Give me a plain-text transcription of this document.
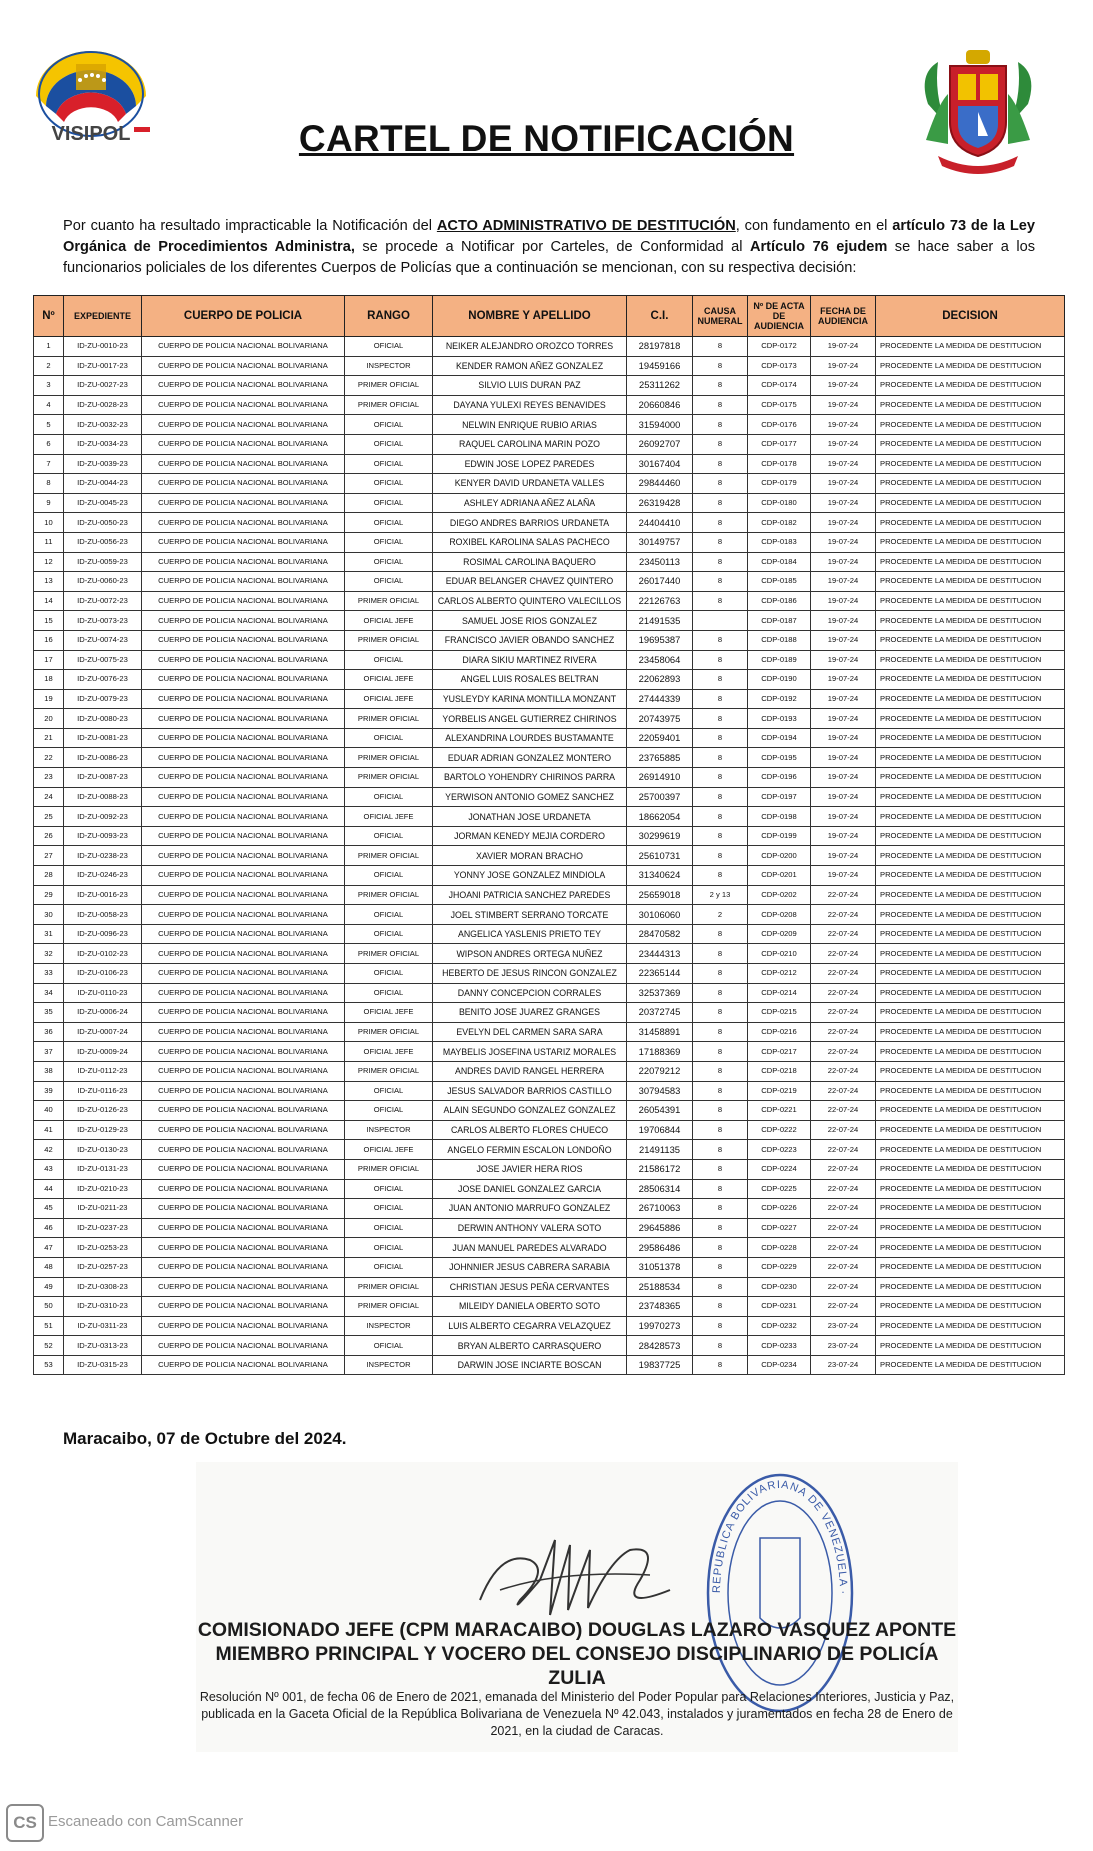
VISIPOL	CARTEL DE NOTIFICACIÓN
Por cuanto ha resultado impracticable la Notificación del ACTO ADMINISTRATIVO DE DESTITUCIÓN, con fundamento en el artículo 73 de la Ley Orgánica de Procedimientos Administra, se procede a Notificar por Carteles, de Conformidad al Artículo 76 ejudem se hace saber a los funcionarios policiales de los diferentes Cuerpos de Policías que a continuación se mencionan, con su respectiva decisión:
Nº	EXPEDIENTE	CUERPO DE POLICIA	RANGO	NOMBRE Y APELLIDO	C.I.	CAUSA NUMERAL	Nº DE ACTA DE AUDIENCIA	FECHA DE AUDIENCIA	DECISION
1	ID-ZU-0010-23	CUERPO DE POLICIA NACIONAL BOLIVARIANA	OFICIAL	NEIKER ALEJANDRO OROZCO TORRES	28197818	8	CDP-0172	19-07-24	PROCEDENTE LA MEDIDA DE DESTITUCION
2	ID-ZU-0017-23	CUERPO DE POLICIA NACIONAL BOLIVARIANA	INSPECTOR	KENDER RAMON AÑEZ GONZALEZ	19459166	8	CDP-0173	19-07-24	PROCEDENTE LA MEDIDA DE DESTITUCION
3	ID-ZU-0027-23	CUERPO DE POLICIA NACIONAL BOLIVARIANA	PRIMER OFICIAL	SILVIO LUIS DURAN PAZ	25311262	8	CDP-0174	19-07-24	PROCEDENTE LA MEDIDA DE DESTITUCION
4	ID-ZU-0028-23	CUERPO DE POLICIA NACIONAL BOLIVARIANA	PRIMER OFICIAL	DAYANA YULEXI REYES BENAVIDES	20660846	8	CDP-0175	19-07-24	PROCEDENTE LA MEDIDA DE DESTITUCION
5	ID-ZU-0032-23	CUERPO DE POLICIA NACIONAL BOLIVARIANA	OFICIAL	NELWIN ENRIQUE RUBIO ARIAS	31594000	8	CDP-0176	19-07-24	PROCEDENTE LA MEDIDA DE DESTITUCION
6	ID-ZU-0034-23	CUERPO DE POLICIA NACIONAL BOLIVARIANA	OFICIAL	RAQUEL CAROLINA MARIN POZO	26092707	8	CDP-0177	19-07-24	PROCEDENTE LA MEDIDA DE DESTITUCION
7	ID-ZU-0039-23	CUERPO DE POLICIA NACIONAL BOLIVARIANA	OFICIAL	EDWIN JOSE LOPEZ PAREDES	30167404	8	CDP-0178	19-07-24	PROCEDENTE LA MEDIDA DE DESTITUCION
8	ID-ZU-0044-23	CUERPO DE POLICIA NACIONAL BOLIVARIANA	OFICIAL	KENYER DAVID URDANETA VALLES	29844460	8	CDP-0179	19-07-24	PROCEDENTE LA MEDIDA DE DESTITUCION
9	ID-ZU-0045-23	CUERPO DE POLICIA NACIONAL BOLIVARIANA	OFICIAL	ASHLEY ADRIANA AÑEZ ALAÑA	26319428	8	CDP-0180	19-07-24	PROCEDENTE LA MEDIDA DE DESTITUCION
10	ID-ZU-0050-23	CUERPO DE POLICIA NACIONAL BOLIVARIANA	OFICIAL	DIEGO ANDRES BARRIOS URDANETA	24404410	8	CDP-0182	19-07-24	PROCEDENTE LA MEDIDA DE DESTITUCION
11	ID-ZU-0056-23	CUERPO DE POLICIA NACIONAL BOLIVARIANA	OFICIAL	ROXIBEL KAROLINA SALAS PACHECO	30149757	8	CDP-0183	19-07-24	PROCEDENTE LA MEDIDA DE DESTITUCION
12	ID-ZU-0059-23	CUERPO DE POLICIA NACIONAL BOLIVARIANA	OFICIAL	ROSIMAL CAROLINA BAQUERO	23450113	8	CDP-0184	19-07-24	PROCEDENTE LA MEDIDA DE DESTITUCION
13	ID-ZU-0060-23	CUERPO DE POLICIA NACIONAL BOLIVARIANA	OFICIAL	EDUAR BELANGER CHAVEZ QUINTERO	26017440	8	CDP-0185	19-07-24	PROCEDENTE LA MEDIDA DE DESTITUCION
14	ID-ZU-0072-23	CUERPO DE POLICIA NACIONAL BOLIVARIANA	PRIMER OFICIAL	CARLOS ALBERTO QUINTERO VALECILLOS	22126763	8	CDP-0186	19-07-24	PROCEDENTE LA MEDIDA DE DESTITUCION
15	ID-ZU-0073-23	CUERPO DE POLICIA NACIONAL BOLIVARIANA	OFICIAL JEFE	SAMUEL JOSE RIOS GONZALEZ	21491535		CDP-0187	19-07-24	PROCEDENTE LA MEDIDA DE DESTITUCION
16	ID-ZU-0074-23	CUERPO DE POLICIA NACIONAL BOLIVARIANA	PRIMER OFICIAL	FRANCISCO JAVIER OBANDO SANCHEZ	19695387	8	CDP-0188	19-07-24	PROCEDENTE LA MEDIDA DE DESTITUCION
17	ID-ZU-0075-23	CUERPO DE POLICIA NACIONAL BOLIVARIANA	OFICIAL	DIARA SIKIU MARTINEZ RIVERA	23458064	8	CDP-0189	19-07-24	PROCEDENTE LA MEDIDA DE DESTITUCION
18	ID-ZU-0076-23	CUERPO DE POLICIA NACIONAL BOLIVARIANA	OFICIAL JEFE	ANGEL LUIS ROSALES BELTRAN	22062893	8	CDP-0190	19-07-24	PROCEDENTE LA MEDIDA DE DESTITUCION
19	ID-ZU-0079-23	CUERPO DE POLICIA NACIONAL BOLIVARIANA	OFICIAL JEFE	YUSLEYDY KARINA MONTILLA MONZANT	27444339	8	CDP-0192	19-07-24	PROCEDENTE LA MEDIDA DE DESTITUCION
20	ID-ZU-0080-23	CUERPO DE POLICIA NACIONAL BOLIVARIANA	PRIMER OFICIAL	YORBELIS ANGEL GUTIERREZ CHIRINOS	20743975	8	CDP-0193	19-07-24	PROCEDENTE LA MEDIDA DE DESTITUCION
21	ID-ZU-0081-23	CUERPO DE POLICIA NACIONAL BOLIVARIANA	OFICIAL	ALEXANDRINA LOURDES BUSTAMANTE	22059401	8	CDP-0194	19-07-24	PROCEDENTE LA MEDIDA DE DESTITUCION
22	ID-ZU-0086-23	CUERPO DE POLICIA NACIONAL BOLIVARIANA	PRIMER OFICIAL	EDUAR ADRIAN GONZALEZ MONTERO	23765885	8	CDP-0195	19-07-24	PROCEDENTE LA MEDIDA DE DESTITUCION
23	ID-ZU-0087-23	CUERPO DE POLICIA NACIONAL BOLIVARIANA	PRIMER OFICIAL	BARTOLO YOHENDRY CHIRINOS PARRA	26914910	8	CDP-0196	19-07-24	PROCEDENTE LA MEDIDA DE DESTITUCION
24	ID-ZU-0088-23	CUERPO DE POLICIA NACIONAL BOLIVARIANA	OFICIAL	YERWISON ANTONIO GOMEZ SANCHEZ	25700397	8	CDP-0197	19-07-24	PROCEDENTE LA MEDIDA DE DESTITUCION
25	ID-ZU-0092-23	CUERPO DE POLICIA NACIONAL BOLIVARIANA	OFICIAL JEFE	JONATHAN JOSE URDANETA	18662054	8	CDP-0198	19-07-24	PROCEDENTE LA MEDIDA DE DESTITUCION
26	ID-ZU-0093-23	CUERPO DE POLICIA NACIONAL BOLIVARIANA	OFICIAL	JORMAN KENEDY MEJIA CORDERO	30299619	8	CDP-0199	19-07-24	PROCEDENTE LA MEDIDA DE DESTITUCION
27	ID-ZU-0238-23	CUERPO DE POLICIA NACIONAL BOLIVARIANA	PRIMER OFICIAL	XAVIER MORAN BRACHO	25610731	8	CDP-0200	19-07-24	PROCEDENTE LA MEDIDA DE DESTITUCION
28	ID-ZU-0246-23	CUERPO DE POLICIA NACIONAL BOLIVARIANA	OFICIAL	YONNY JOSE GONZALEZ MINDIOLA	31340624	8	CDP-0201	19-07-24	PROCEDENTE LA MEDIDA DE DESTITUCION
29	ID-ZU-0016-23	CUERPO DE POLICIA NACIONAL BOLIVARIANA	PRIMER OFICIAL	JHOANI PATRICIA SANCHEZ PAREDES	25659018	2 y 13	CDP-0202	22-07-24	PROCEDENTE LA MEDIDA DE DESTITUCION
30	ID-ZU-0058-23	CUERPO DE POLICIA NACIONAL BOLIVARIANA	OFICIAL	JOEL STIMBERT SERRANO TORCATE	30106060	2	CDP-0208	22-07-24	PROCEDENTE LA MEDIDA DE DESTITUCION
31	ID-ZU-0096-23	CUERPO DE POLICIA NACIONAL BOLIVARIANA	OFICIAL	ANGELICA YASLENIS PRIETO TEY	28470582	8	CDP-0209	22-07-24	PROCEDENTE LA MEDIDA DE DESTITUCION
32	ID-ZU-0102-23	CUERPO DE POLICIA NACIONAL BOLIVARIANA	PRIMER OFICIAL	WIPSON ANDRES ORTEGA NUÑEZ	23444313	8	CDP-0210	22-07-24	PROCEDENTE LA MEDIDA DE DESTITUCION
33	ID-ZU-0106-23	CUERPO DE POLICIA NACIONAL BOLIVARIANA	OFICIAL	HEBERTO DE JESUS RINCON GONZALEZ	22365144	8	CDP-0212	22-07-24	PROCEDENTE LA MEDIDA DE DESTITUCION
34	ID-ZU-0110-23	CUERPO DE POLICIA NACIONAL BOLIVARIANA	OFICIAL	DANNY CONCEPCION CORRALES	32537369	8	CDP-0214	22-07-24	PROCEDENTE LA MEDIDA DE DESTITUCION
35	ID-ZU-0006-24	CUERPO DE POLICIA NACIONAL BOLIVARIANA	OFICIAL JEFE	BENITO JOSE JUAREZ GRANGES	20372745	8	CDP-0215	22-07-24	PROCEDENTE LA MEDIDA DE DESTITUCION
36	ID-ZU-0007-24	CUERPO DE POLICIA NACIONAL BOLIVARIANA	PRIMER OFICIAL	EVELYN DEL CARMEN SARA SARA	31458891	8	CDP-0216	22-07-24	PROCEDENTE LA MEDIDA DE DESTITUCION
37	ID-ZU-0009-24	CUERPO DE POLICIA NACIONAL BOLIVARIANA	OFICIAL JEFE	MAYBELIS JOSEFINA USTARIZ MORALES	17188369	8	CDP-0217	22-07-24	PROCEDENTE LA MEDIDA DE DESTITUCION
38	ID-ZU-0112-23	CUERPO DE POLICIA NACIONAL BOLIVARIANA	PRIMER OFICIAL	ANDRES DAVID RANGEL HERRERA	22079212	8	CDP-0218	22-07-24	PROCEDENTE LA MEDIDA DE DESTITUCION
39	ID-ZU-0116-23	CUERPO DE POLICIA NACIONAL BOLIVARIANA	OFICIAL	JESUS SALVADOR BARRIOS CASTILLO	30794583	8	CDP-0219	22-07-24	PROCEDENTE LA MEDIDA DE DESTITUCION
40	ID-ZU-0126-23	CUERPO DE POLICIA NACIONAL BOLIVARIANA	OFICIAL	ALAIN SEGUNDO GONZALEZ GONZALEZ	26054391	8	CDP-0221	22-07-24	PROCEDENTE LA MEDIDA DE DESTITUCION
41	ID-ZU-0129-23	CUERPO DE POLICIA NACIONAL BOLIVARIANA	INSPECTOR	CARLOS ALBERTO FLORES CHUECO	19706844	8	CDP-0222	22-07-24	PROCEDENTE LA MEDIDA DE DESTITUCION
42	ID-ZU-0130-23	CUERPO DE POLICIA NACIONAL BOLIVARIANA	OFICIAL JEFE	ANGELO FERMIN ESCALON LONDOÑO	21491135	8	CDP-0223	22-07-24	PROCEDENTE LA MEDIDA DE DESTITUCION
43	ID-ZU-0131-23	CUERPO DE POLICIA NACIONAL BOLIVARIANA	PRIMER OFICIAL	JOSE JAVIER HERA RIOS	21586172	8	CDP-0224	22-07-24	PROCEDENTE LA MEDIDA DE DESTITUCION
44	ID-ZU-0210-23	CUERPO DE POLICIA NACIONAL BOLIVARIANA	OFICIAL	JOSE DANIEL GONZALEZ GARCIA	28506314	8	CDP-0225	22-07-24	PROCEDENTE LA MEDIDA DE DESTITUCION
45	ID-ZU-0211-23	CUERPO DE POLICIA NACIONAL BOLIVARIANA	OFICIAL	JUAN ANTONIO MARRUFO GONZALEZ	26710063	8	CDP-0226	22-07-24	PROCEDENTE LA MEDIDA DE DESTITUCION
46	ID-ZU-0237-23	CUERPO DE POLICIA NACIONAL BOLIVARIANA	OFICIAL	DERWIN ANTHONY VALERA SOTO	29645886	8	CDP-0227	22-07-24	PROCEDENTE LA MEDIDA DE DESTITUCION
47	ID-ZU-0253-23	CUERPO DE POLICIA NACIONAL BOLIVARIANA	OFICIAL	JUAN MANUEL PAREDES ALVARADO	29586486	8	CDP-0228	22-07-24	PROCEDENTE LA MEDIDA DE DESTITUCION
48	ID-ZU-0257-23	CUERPO DE POLICIA NACIONAL BOLIVARIANA	OFICIAL	JOHNNIER JESUS CABRERA SARABIA	31051378	8	CDP-0229	22-07-24	PROCEDENTE LA MEDIDA DE DESTITUCION
49	ID-ZU-0308-23	CUERPO DE POLICIA NACIONAL BOLIVARIANA	PRIMER OFICIAL	CHRISTIAN JESUS PEÑA CERVANTES	25188534	8	CDP-0230	22-07-24	PROCEDENTE LA MEDIDA DE DESTITUCION
50	ID-ZU-0310-23	CUERPO DE POLICIA NACIONAL BOLIVARIANA	PRIMER OFICIAL	MILEIDY DANIELA OBERTO SOTO	23748365	8	CDP-0231	22-07-24	PROCEDENTE LA MEDIDA DE DESTITUCION
51	ID-ZU-0311-23	CUERPO DE POLICIA NACIONAL BOLIVARIANA	INSPECTOR	LUIS ALBERTO CEGARRA VELAZQUEZ	19970273	8	CDP-0232	23-07-24	PROCEDENTE LA MEDIDA DE DESTITUCION
52	ID-ZU-0313-23	CUERPO DE POLICIA NACIONAL BOLIVARIANA	OFICIAL	BRYAN ALBERTO CARRASQUERO	28428573	8	CDP-0233	23-07-24	PROCEDENTE LA MEDIDA DE DESTITUCION
53	ID-ZU-0315-23	CUERPO DE POLICIA NACIONAL BOLIVARIANA	INSPECTOR	DARWIN JOSE INCIARTE BOSCAN	19837725	8	CDP-0234	23-07-24	PROCEDENTE LA MEDIDA DE DESTITUCION
Maracaibo, 07 de Octubre del 2024.
REPUBLICA BOLIVARIANA DE VENEZUELA ·
COMISIONADO JEFE (CPM MARACAIBO) DOUGLAS LAZARO VASQUEZ APONTE
MIEMBRO PRINCIPAL Y VOCERO DEL CONSEJO DISCIPLINARIO DE POLICÍA
ZULIA
Resolución Nº 001, de fecha 06 de Enero de 2021, emanada del Ministerio del Poder Popular para Relaciones Interiores, Justicia y Paz, publicada en la Gaceta Oficial de la República Bolivariana de Venezuela Nº 42.043, instalados y juramentados en fecha 28 de Enero de 2021, en la ciudad de Caracas.
CS Escaneado con CamScanner
